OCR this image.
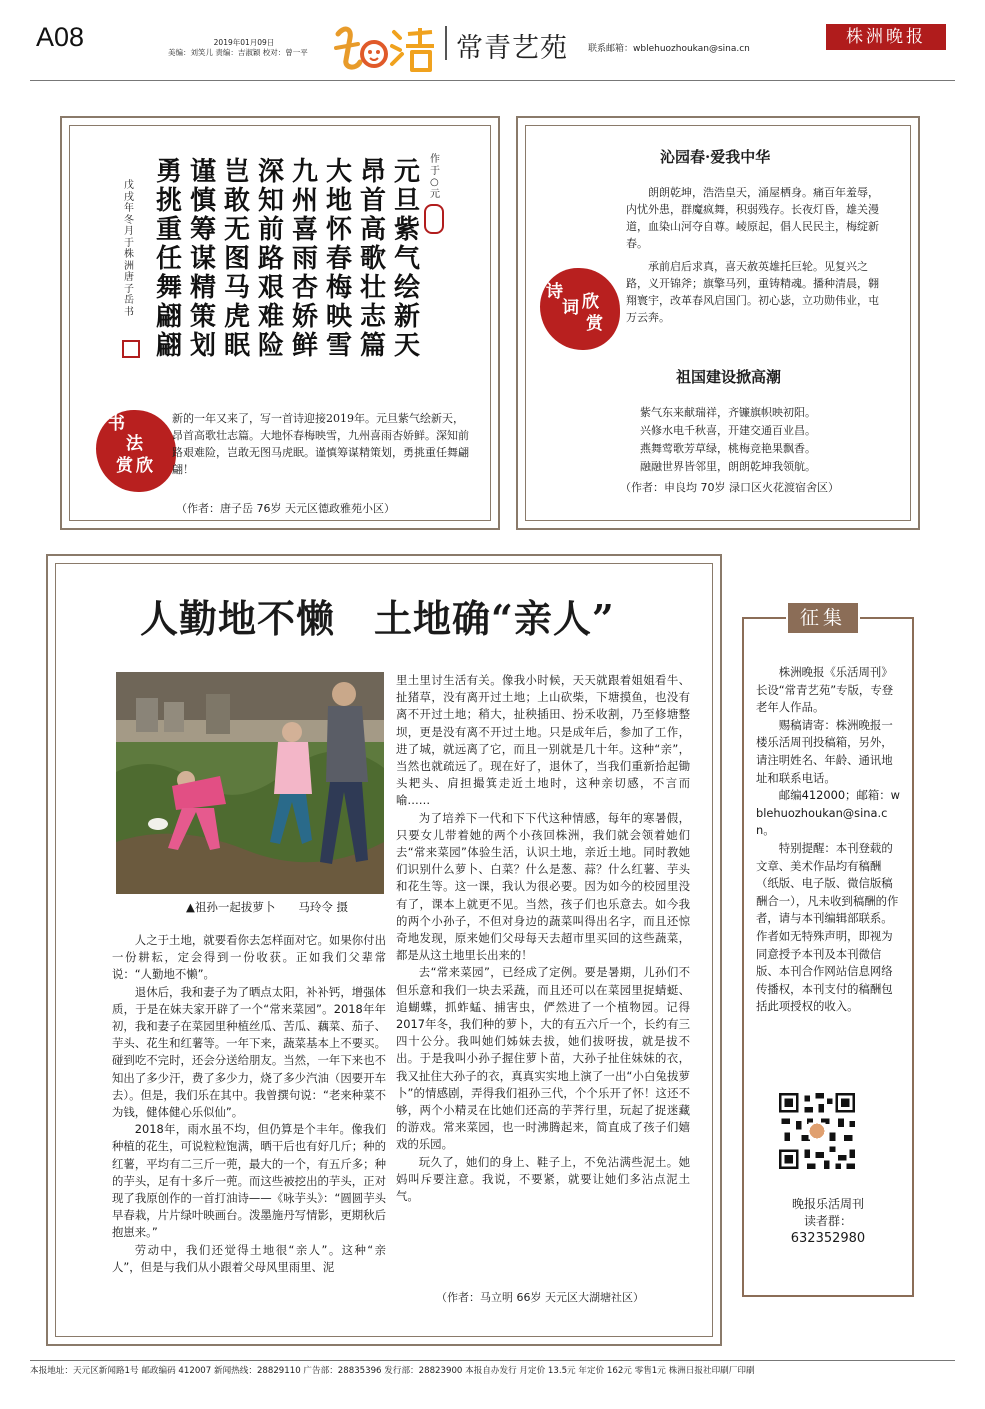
A08	2019年01月09日
美编：刘笑儿 责编：吉淑颖 校对：曾一平
乐活
常青艺苑 联系邮箱：wblehuozhoukan@sina.cn
株洲晚报
元旦紫气绘新天
昂首高歌壮志篇
大地怀春梅映雪
九州喜雨杏娇鲜
深知前路艰难险
岂敢无图马虎眠
谨慎筹谋精策划
勇挑重任舞翩翩
作于○元
戊戌年冬月于株洲唐子岳书
书
法
欣
赏
新的一年又来了，写一首诗迎接2019年。元旦紫气绘新天，昂首高歌壮志篇。大地怀春梅映雪，九州喜雨杏娇鲜。深知前路艰难险，岂敢无图马虎眠。谨慎筹谋精策划，勇挑重任舞翩翩！
（作者：唐子岳 76岁 天元区德政雅苑小区）
诗
词 欣
赏
沁园春·爱我中华
朗朗乾坤，浩浩皇天，涌屋栖身。痛百年羞辱，内忧外患，群魔疯舞，积弱残存。长夜灯昏，雄关漫道，血染山河夺自尊。崚原起，倡人民民主，梅绽新春。
承前启后求真，喜天赦英雄托巨轮。见复兴之路，义开锦斧；旗擎马列，重铸精魂。播种清晨，翱翔寰宇，改革春风启国门。初心毖，立功勋伟业，屯万云奔。
祖国建设掀高潮
紫气东来献瑞祥，齐镰旗帜映初阳。
兴修水电千秋喜，开建交通百业昌。
燕舞莺歌芳草绿，桃梅竞艳果飘香。
融融世界皆邻里，朗朗乾坤我领航。
（作者：申良均 70岁 渌口区火花渡宿舍区）
人勤地不懒　土地确“亲人”
▲祖孙一起拔萝卜　　马玲令 摄

人之于土地，就要看你去怎样面对它。如果你付出一份耕耘，定会得到一份收获。正如我们父辈常说：“人勤地不懒”。

退休后，我和妻子为了晒点太阳，补补钙，增强体质，于是在妹夫家开辟了一个“常来菜园”。2018年年初，我和妻子在菜园里种植丝瓜、苦瓜、藕菜、茄子、芋头、花生和红薯等。一年下来，蔬菜基本上不要买。碰到吃不完时，还会分送给朋友。当然，一年下来也不知出了多少汗，费了多少力，烧了多少汽油（因要开车去）。但是，我们乐在其中。我曾撰句说：“老来种菜不为钱，健体健心乐似仙”。

2018年，雨水虽不均，但仍算是个丰年。像我们种植的花生，可说粒粒饱满，晒干后也有好几斤；种的红薯，平均有二三斤一蔸，最大的一个，有五斤多；种的芋头，足有十多斤一蔸。而这些被挖出的芋头，正对现了我原创作的一首打油诗——《咏芋头》：“圆圆芋头早春栽，片片绿叶映画台。泼墨施丹写情影，更期秋后抱崽来。”

劳动中，我们还觉得土地很“亲人”。这种“亲人”，但是与我们从小跟着父母风里雨里、泥

里土里讨生活有关。像我小时候，天天就跟着姐姐看牛、扯猪草，没有离开过土地；上山砍柴，下塘摸鱼，也没有离不开过土地；稍大，扯秧插田、扮禾收割，乃至修塘整坝，更是没有离不开过土地。只是成年后，参加了工作，进了城，就远离了它，而且一别就是几十年。这种“亲”，当然也就疏远了。现在好了，退休了，当我们重新拾起锄头耙头、肩担撮箕走近土地时，这种亲切感，不言而喻……

为了培养下一代和下下代这种情感，每年的寒暑假，只要女儿带着她的两个小孩回株洲，我们就会领着她们去“常来菜园”体验生活，认识土地，亲近土地。同时教她们识别什么萝卜、白菜？什么是葱、蒜？什么红薯、芋头和花生等。这一课，我认为很必要。因为如今的校园里没有了，课本上就更不见。当然，孩子们也乐意去。如今我的两个小孙子，不但对身边的蔬菜叫得出名字，而且还惊奇地发现，原来她们父母每天去超市里买回的这些蔬菜，都是从这土地里长出来的！

去“常来菜园”，已经成了定例。要是暑期，儿孙们不但乐意和我们一块去采蔬，而且还可以在菜园里捉蜻蜓、追蝴蝶，抓蚱蜢、捕害虫，俨然进了一个植物园。记得2017年冬，我们种的萝卜，大的有五六斤一个，长约有三四十公分。我叫她们姊妹去拔，她们拔呀拔，就是拔不出。于是我叫小孙子握住萝卜苗，大孙子扯住妹妹的衣，我又扯住大孙子的衣，真真实实地上演了一出“小白兔拔萝卜”的情感剧，弄得我们祖孙三代，个个乐开了怀！这还不够，两个小精灵在比她们还高的芋荠行里，玩起了捉迷藏的游戏。常来菜园，也一时沸腾起来，简直成了孩子们嬉戏的乐园。

玩久了，她们的身上、鞋子上，不免沾满些泥土。她妈叫斥要注意。我说，不要紧，就要让她们多沾点泥土气。

（作者：马立明 66岁 天元区大湖塘社区）
征集

株洲晚报《乐活周刊》长设“常青艺苑”专版，专登老年人作品。

赐稿请寄：株洲晚报一楼乐活周刊投稿箱，另外，请注明姓名、年龄、通讯地址和联系电话。

邮编412000；邮箱：wblehuozhoukan@sina.cn。

特别提醒：本刊登载的文章、美术作品均有稿酬（纸版、电子版、微信版稿酬合一），凡未收到稿酬的作者，请与本刊编辑部联系。作者如无特殊声明，即视为同意授予本刊及本刊微信版、本刊合作网站信息网络传播权，本刊支付的稿酬包括此项授权的收入。

晚报乐活周刊
读者群：
632352980
本报地址：天元区新闻路1号 邮政编码 412007 新闻热线：28829110 广告部：28835396 发行部：28823900 本报自办发行 月定价 13.5元 年定价 162元 零售1元 株洲日报社印刷厂印刷
